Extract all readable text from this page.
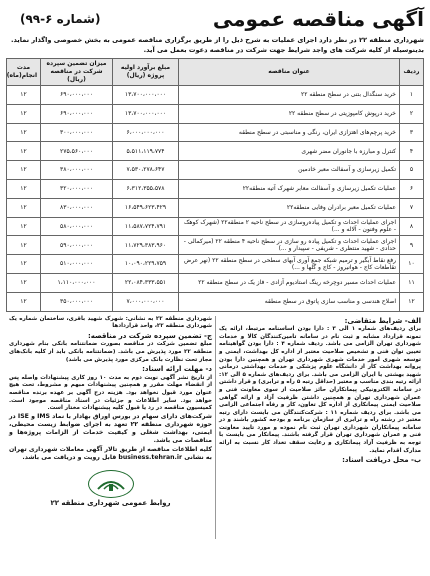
آگهی مناقصه عمومی
(شماره ۶-۹۹)
شهرداری منطقه ۲۲ در نظر دارد اجرای عملیات به شرح ذیل را از طریق برگزاری مناقصه عمومی به بخش خصوصی واگذار نماید. بدینوسیله از کلیه شرکت های واجد شرایط جهت شرکت در مناقصه دعوت بعمل می آید.
ردیف	عنوان مناقصه	مبلغ برآورد اولیه پروژه (ریال)	میزان تضمین سپرده شرکت در مناقصه (ریال)	مدت انجام(ماه)
۱	خرید سنگدال بتنی در سطح منطقه ۲۲	۱۳،۷۰۰،۰۰۰،۰۰۰	۶۹۰،۰۰۰،۰۰۰	۱۲
۲	خرید درپوش کامپوزیتی در سطح منطقه ۲۲	۱۳،۷۰۰،۰۰۰،۰۰۰	۶۹۰،۰۰۰،۰۰۰	۱۲
۳	خرید پرچم‌های اهتزازی ایران، رنگی و مناسبتی در سطح منطقه	۶،۰۰۰،۰۰۰،۰۰۰	۳۰۰،۰۰۰،۰۰۰	۱۲
۴	کنترل و مبارزه با جانوران مضر شهری	۵،۵۱۱،۱۱۹،۷۷۴	۲۷۵،۵۶۰،۰۰۰	۱۲
۵	تکمیل زیرسازی و آسفالت معبر خادمین	۷،۵۳۰،۲۷۸،۶۴۷	۳۸۰،۰۰۰،۰۰۰	۱۲
۶	عملیات تکمیل زیرسازی و آسفالت معابر شهرک آتیه منطقه۲۲	۶،۳۱۲،۳۵۵،۵۷۸	۳۲۰،۰۰۰،۰۰۰	۱۲
۷	عملیات تکمیل معبر برادران وفایی منطقه۲۲	۱۶،۵۴۹،۶۲۳،۴۲۹	۸۳۰،۰۰۰،۰۰۰	۱۲
۸	اجرای عملیات احداث و تکمیل پیاده‌روسازی در سطح ناحیه ۲ منطقه۲۲ (شهرک کوهک - علوم وفنون - آلاله و ...)	۱۱،۵۸۷،۷۲۴،۷۹۱	۵۸۰،۰۰۰،۰۰۰	۱۲
۹	اجرای عملیات احداث و تکمیل پیاده رو سازی در سطح ناحیه ۴ منطقه ۲۲ (میرکمالی - حدادی - شهید منتظری - شریفی - سپیدار و ...)	۱۱،۷۲۹،۳۸۳،۹۶۰	۵۹۰،۰۰۰،۰۰۰	۱۲
۱۰	رفع نقاط آبگیر و ترمیم شبکه جمع آوری آبهای سطحی در سطح منطقه ۲۲ (نهر عرض تقاطعات کاج - هوانیروز - کاج و گلها و ...)	۱۰،۰۹۰،۲۲۹،۷۵۹	۵۱۰،۰۰۰،۰۰۰	۱۲
۱۱	عملیات احداث مسیر دوچرخه رینگ استادیوم آزادی - فاز یک در سطح منطقه ۲۲	۲۲،۰۸۴،۳۳۳،۵۵۱	۱،۱۱۰،۰۰۰،۰۰۰	۱۲
۱۲	اصلاح هندسی و مناسب سازی پاتوق در سطح منطقه	۷،۰۰۰،۰۰۰،۰۰۰	۳۵۰،۰۰۰،۰۰۰	۱۲
الف- شرایط متقاضی:
برای ردیف‌های شماره ۱ الی ۳ : دارا بودن اساسنامه مرتبط، ارائه یک نمونه قرارداد مشابه و ثبت نام در سامانه تامین‌کنندگان کالا و خدمات شهرداری تهران الزامی می باشد. ردیف شماره ۴ : دارا بودن گواهینامه تعیین توان فنی و تشخیص صلاحیت معتبر از اداره کل بهداشت، ایمنی و توسعه شهری امور خدمات شهری شهرداری تهران و همچنین دارا بودن پروانه بهداشت کار از دانشگاه علوم پزشکی و خدمات بهداشتی درمانی شهید بهشتی یا ایران الزامی می باشد. برای ردیف‌های شماره ۵ الی ۱۲: ارائه رتبه بندی مناسب و معتبر (حداقل رتبه ۵ راه و ترابری) و قرار داشتن در سامانه الکترونیکی پیمانکاران حائز صلاحیت از سوی معاونت فنی و عمران شهرداری تهران و همچنین داشتن ظرفیت آزاد و ارائه گواهی صلاحیت ایمنی پیمانکاری از اداره کل تعاون، کار و رفاه اجتماعی الزامی می باشد. برای ردیف شماره ۱۱ : شرکت‌کنندگان می بایست دارای رتبه معتبر در رشته راه و ترابری از سازمان برنامه و بودجه کشور باشند و در سامانه پیمانکاران شهرداری تهران ثبت نام نموده و مورد تایید معاونت فنی و عمران شهرداری تهران قرار گرفته باشند. پیمانکار می بایست با توجه به ظرفیت آزاد پیمانکاری و رعایت سقف تعداد کار نسبت به ارائه مدارک اقدام نماید.
ب- محل دریافت اسناد:
شهرداری منطقه ۲۲ به نشانی: شهرک شهید باقری، ساختمان شماره یک شهرداری منطقه ۲۲، واحد قراردادها
ج- تضمین سپرده شرکت در مناقصه:
مبلغ تضمین شرکت در مناقصه بصورت ضمانتنامه بانکی بنام شهرداری منطقه ۲۲ مورد پذیرش می باشد. (ضمانتنامه بانکی باید از کلیه بانک‌های مجاز تحت نظارت بانک مرکزی مورد پذیرش می باشد)
د- مهلت ارائه اسناد:
از تاریخ نشر آگهی نوبت دوم به مدت ۱۰ روز کاری پیشنهادات واصله پس از انقضاء مهلت مقرر و همچنین پیشنهادات مبهم و مشروط، تحت هیچ عنوان مورد قبول نخواهد بود. هزینه درج آگهی بر عهده برنده مناقصه خواهد بود. سایر اطلاعات و جزئیات در اسناد مناقصه موجود است. کمیسیون مناقصه در رد یا قبول کلیه پیشنهادات مختار است.
شرکت‌های دارای سهام در بورس اوراق بهادار با نماد IMS و ISE در حوزه شهرداری منطقه ۲۲ تعهد به اجرای ضوابط زیست محیطی، ایمنی، بهداشت شغلی و کیفیت خدمات از الزامات پروژه‌ها و مناقصات می باشد.
کلیه اطلاعات مناقصه از طریق تالار آگهی معاملات شهرداری تهران به نشانی business.tehran.ir قابل رویت و دریافت می باشد.
روابط عمومی شهرداری منطقه ۲۲
